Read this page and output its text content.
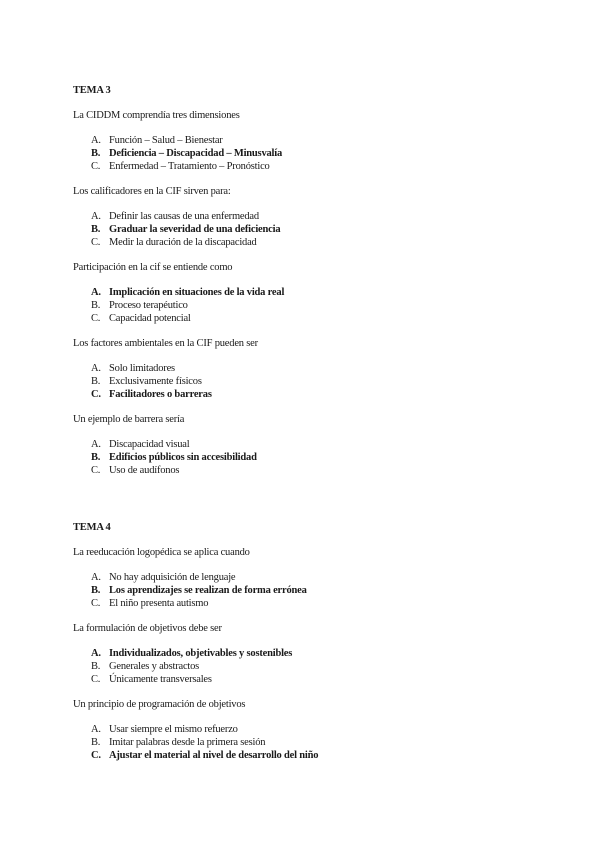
TEMA 3

La CIDDM comprendía tres dimensiones

A. Función – Salud – Bienestar
B. Deficiencia – Discapacidad – Minusvalía
C. Enfermedad – Tratamiento – Pronóstico

Los calificadores en la CIF sirven para:

A. Definir las causas de una enfermedad
B. Graduar la severidad de una deficiencia
C. Medir la duración de la discapacidad

Participación en la cif se entiende como

A. Implicación en situaciones de la vida real
B. Proceso terapéutico
C. Capacidad potencial

Los factores ambientales en la CIF pueden ser

A. Solo limitadores
B. Exclusivamente físicos
C. Facilitadores o barreras

Un ejemplo de barrera sería

A. Discapacidad visual
B. Edificios públicos sin accesibilidad
C. Uso de audífonos
TEMA 4

La reeducación logopédica se aplica cuando

A. No hay adquisición de lenguaje
B. Los aprendizajes se realizan de forma errónea
C. El niño presenta autismo

La formulación de objetivos debe ser

A. Individualizados, objetivables y sostenibles
B. Generales y abstractos
C. Únicamente transversales

Un principio de programación de objetivos

A. Usar siempre el mismo refuerzo
B. Imitar palabras desde la primera sesión
C. Ajustar el material al nivel de desarrollo del niño
